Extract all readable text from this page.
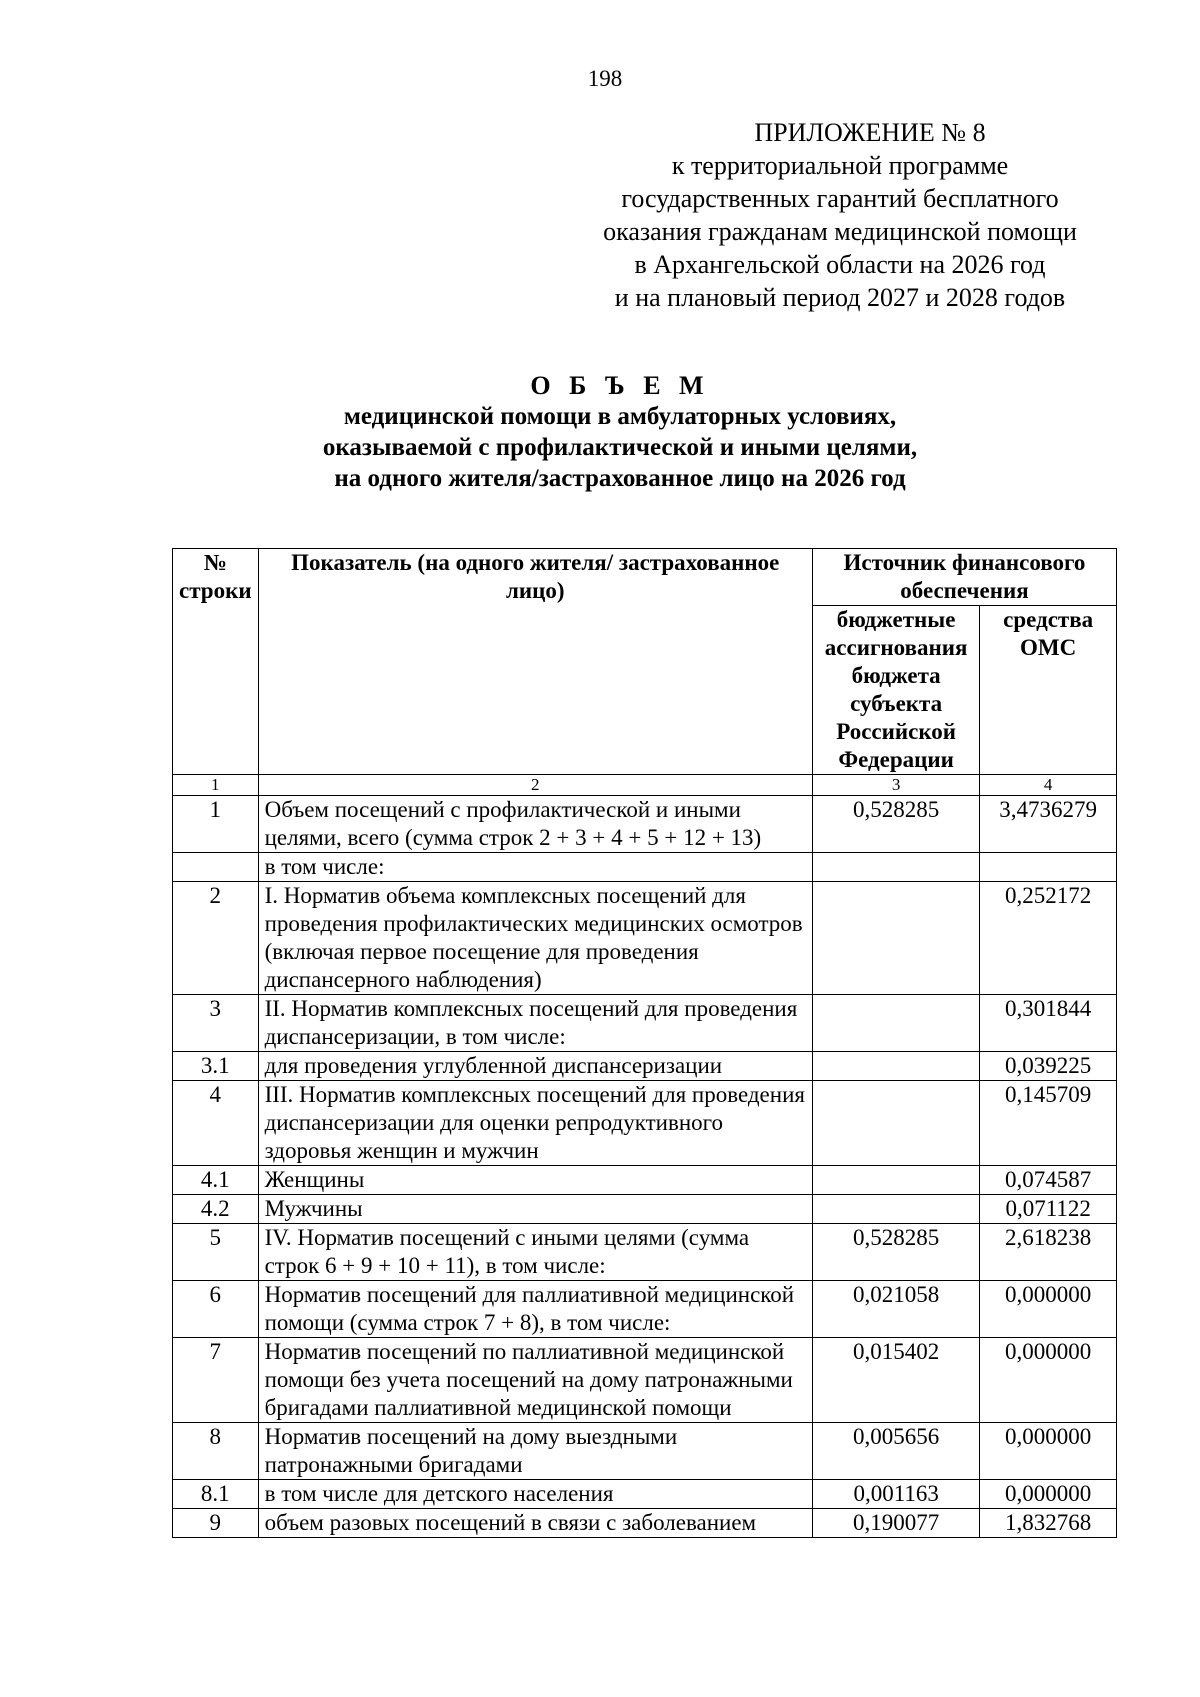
198
ПРИЛОЖЕНИЕ № 8
к территориальной программе
государственных гарантий бесплатного
оказания гражданам медицинской помощи
в Архангельской области на 2026 год
и на плановый период 2027 и 2028 годов
О Б Ъ Е М
медицинской помощи в амбулаторных условиях,
оказываемой с профилактической и иными целями,
на одного жителя/застрахованное лицо на 2026 год
№ строки	Показатель (на одного жителя/ застрахованное лицо)	Источник финансового обеспечения	
		бюджетные ассигнования бюджета субъекта Российской Федерации	средства ОМС
1	2	3	4
1	Объем посещений с профилактической и иными целями, всего (сумма строк 2 + 3 + 4 + 5 + 12 + 13)	0,528285	3,4736279
	в том числе:		
2	I. Норматив объема комплексных посещений для проведения профилактических медицинских осмотров (включая первое посещение для проведения диспансерного наблюдения)		0,252172
3	II. Норматив комплексных посещений для проведения диспансеризации, в том числе:		0,301844
3.1	для проведения углубленной диспансеризации		0,039225
4	III. Норматив комплексных посещений для проведения диспансеризации для оценки репродуктивного здоровья женщин и мужчин		0,145709
4.1	Женщины		0,074587
4.2	Мужчины		0,071122
5	IV. Норматив посещений с иными целями (сумма строк 6 + 9 + 10 + 11), в том числе:	0,528285	2,618238
6	Норматив посещений для паллиативной медицинской помощи (сумма строк 7 + 8), в том числе:	0,021058	0,000000
7	Норматив посещений по паллиативной медицинской помощи без учета посещений на дому патронажными бригадами паллиативной медицинской помощи	0,015402	0,000000
8	Норматив посещений на дому выездными патронажными бригадами	0,005656	0,000000
8.1	в том числе для детского населения	0,001163	0,000000
9	объем разовых посещений в связи с заболеванием	0,190077	1,832768
